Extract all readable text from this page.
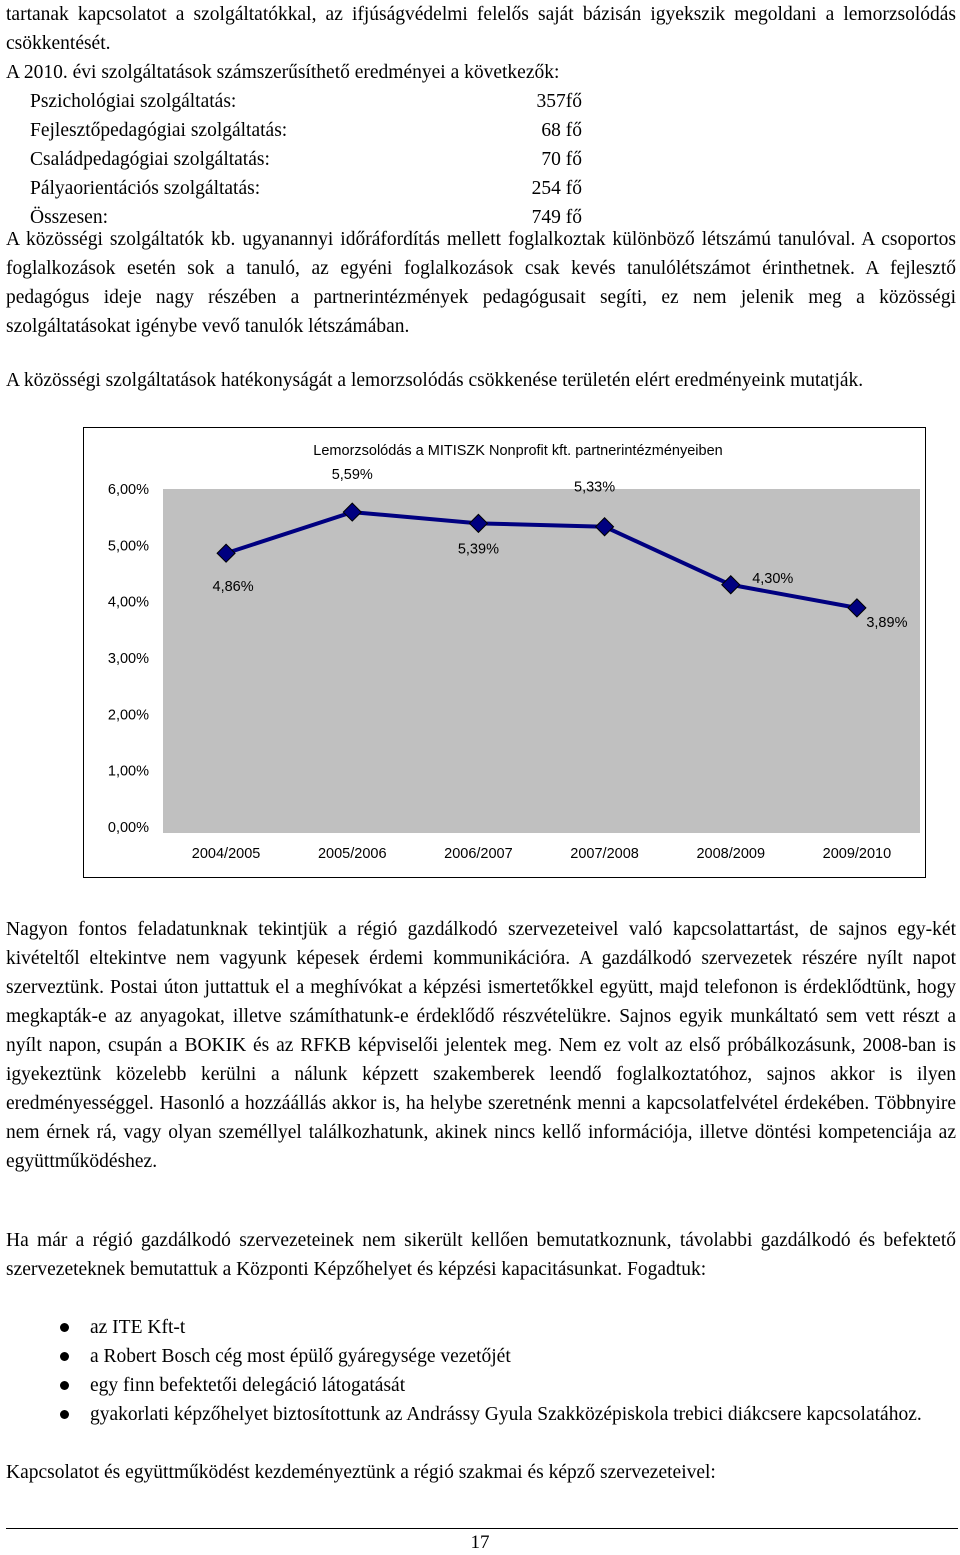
tartanak kapcsolatot a szolgáltatókkal, az ifjúságvédelmi felelős saját bázisán igyekszik megoldani a lemorzsolódás csökkentését.

A 2010. évi szolgáltatások számszerűsíthető eredményei a következők:
Pszichológiai szolgáltatás:	357fő
Fejlesztőpedagógiai szolgáltatás:	68 fő
Családpedagógiai szolgáltatás:	70 fő
Pályaorientációs szolgáltatás:	254 fő
Összesen:	749 fő

A közösségi szolgáltatók kb. ugyanannyi időráfordítás mellett foglalkoztak különböző létszámú tanulóval. A csoportos foglalkozások esetén sok a tanuló, az egyéni foglalkozások csak kevés tanulólétszámot érinthetnek. A fejlesztő pedagógus ideje nagy részében a partnerintézmények pedagógusait segíti, ez nem jelenik meg a közösségi szolgáltatásokat igénybe vevő tanulók létszámában.

A közösségi szolgáltatások hatékonyságát a lemorzsolódás csökkenése területén elért eredményeink mutatják.

Lemorzsolódás a MITISZK Nonprofit kft. partnerintézményeiben
0,00%
1,00%
2,00%
3,00%
4,00%
5,00%
6,00%
2004/2005	2005/2006	2006/2007	2007/2008	2008/2009	2009/2010
4,86%
5,59%
5,39%
5,33%
4,30%
3,89%

Nagyon fontos feladatunknak tekintjük a régió gazdálkodó szervezeteivel való kapcsolattartást, de sajnos egy-két kivételtől eltekintve nem vagyunk képesek érdemi kommunikációra. A gazdálkodó szervezetek részére nyílt napot szerveztünk. Postai úton juttattuk el a meghívókat a képzési ismertetőkkel együtt, majd telefonon is érdeklődtünk, hogy megkapták-e az anyagokat, illetve számíthatunk-e érdeklődő részvételükre. Sajnos egyik munkáltató sem vett részt a nyílt napon, csupán a BOKIK és az RFKB képviselői jelentek meg. Nem ez volt az első próbálkozásunk, 2008-ban is igyekeztünk közelebb kerülni a nálunk képzett szakemberek leendő foglalkoztatóhoz, sajnos akkor is ilyen eredményességgel. Hasonló a hozzáállás akkor is, ha helybe szeretnénk menni a kapcsolatfelvétel érdekében. Többnyire nem érnek rá, vagy olyan személlyel találkozhatunk, akinek nincs kellő információja, illetve döntési kompetenciája az együttműködéshez.

Ha már a régió gazdálkodó szervezeteinek nem sikerült kellően bemutatkoznunk, távolabbi gazdálkodó és befektető szervezeteknek bemutattuk a Központi Képzőhelyet és képzési kapacitásunkat. Fogadtuk:

az ITE Kft-t
a Robert Bosch cég most épülő gyáregysége vezetőjét
egy finn befektetői delegáció látogatását
gyakorlati képzőhelyet biztosítottunk az Andrássy Gyula Szakközépiskola trebici diákcsere kapcsolatához.

Kapcsolatot és együttműködést kezdeményeztünk a régió szakmai és képző szervezeteivel:

17
